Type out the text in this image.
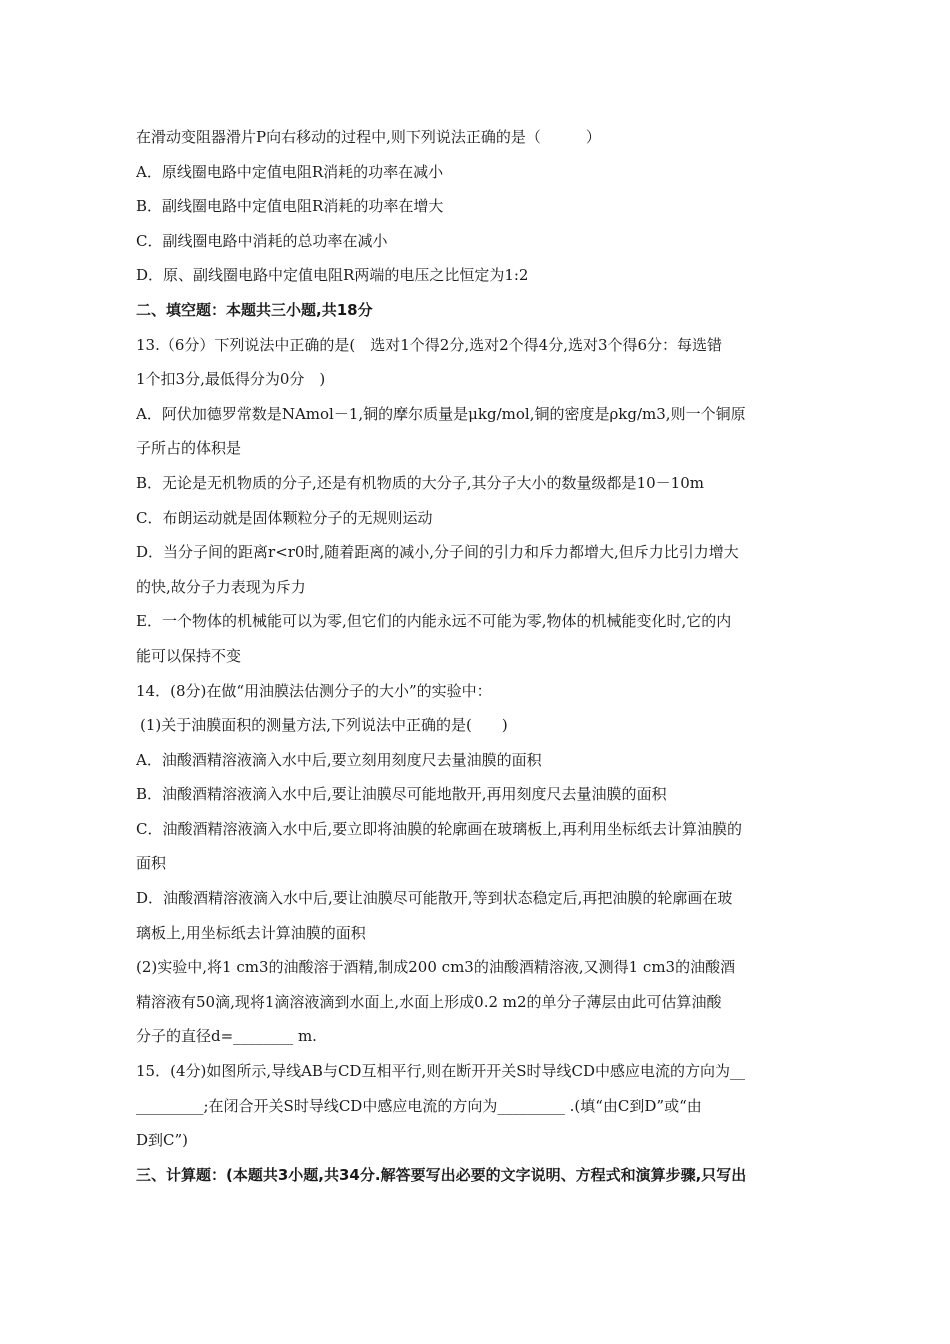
在滑动变阻器滑片P向右移动的过程中,则下列说法正确的是（　　　）
A．原线圈电路中定值电阻R消耗的功率在减小
B．副线圈电路中定值电阻R消耗的功率在增大
C．副线圈电路中消耗的总功率在减小
D．原、副线圈电路中定值电阻R两端的电压之比恒定为1:2
二、填空题：本题共三小题,共18分
13.（6分）下列说法中正确的是(　选对1个得2分,选对2个得4分,选对3个得6分：每选错
1个扣3分,最低得分为0分　)
A．阿伏加德罗常数是NAmol－1,铜的摩尔质量是μkg/mol,铜的密度是ρkg/m3,则一个铜原
子所占的体积是
B．无论是无机物质的分子,还是有机物质的大分子,其分子大小的数量级都是10－10m
C．布朗运动就是固体颗粒分子的无规则运动
D．当分子间的距离r<r0时,随着距离的减小,分子间的引力和斥力都增大,但斥力比引力增大
的快,故分子力表现为斥力
E．一个物体的机械能可以为零,但它们的内能永远不可能为零,物体的机械能变化时,它的内
能可以保持不变
14．(8分)在做“用油膜法估测分子的大小”的实验中：
(1)关于油膜面积的测量方法,下列说法中正确的是(　　)
A．油酸酒精溶液滴入水中后,要立刻用刻度尺去量油膜的面积
B．油酸酒精溶液滴入水中后,要让油膜尽可能地散开,再用刻度尺去量油膜的面积
C．油酸酒精溶液滴入水中后,要立即将油膜的轮廓画在玻璃板上,再利用坐标纸去计算油膜的
面积
D．油酸酒精溶液滴入水中后,要让油膜尽可能散开,等到状态稳定后,再把油膜的轮廓画在玻
璃板上,用坐标纸去计算油膜的面积
(2)实验中,将1 cm3的油酸溶于酒精,制成200 cm3的油酸酒精溶液,又测得1 cm3的油酸酒
精溶液有50滴,现将1滴溶液滴到水面上,水面上形成0.2 m2的单分子薄层由此可估算油酸
分子的直径d=________ m.
15．(4分)如图所示,导线AB与CD互相平行,则在断开开关S时导线CD中感应电流的方向为__
_________;在闭合开关S时导线CD中感应电流的方向为_________ .(填“由C到D”或“由
D到C”)
三、计算题：(本题共3小题,共34分.解答要写出必要的文字说明、方程式和演算步骤,只写出
